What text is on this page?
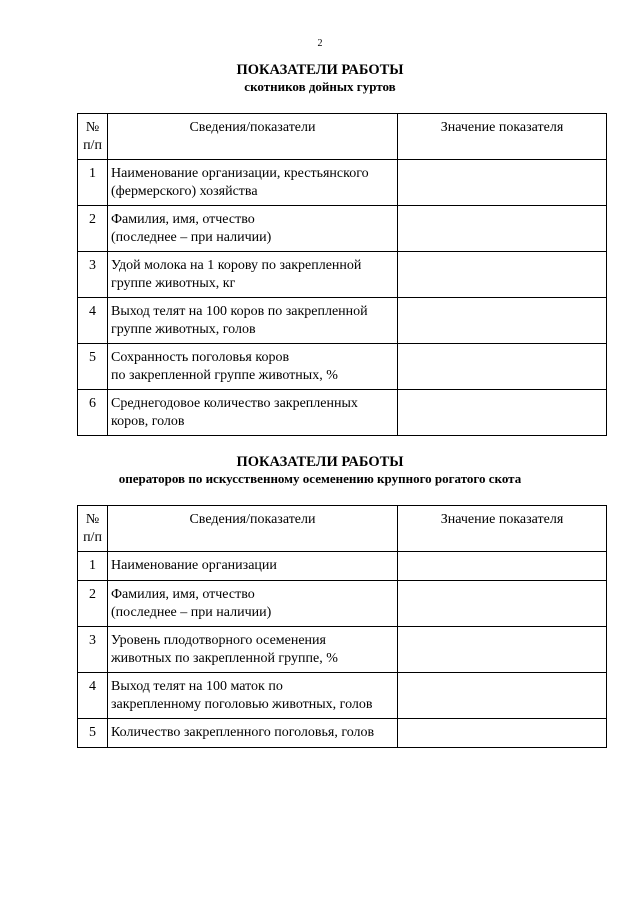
2
ПОКАЗАТЕЛИ РАБОТЫ
скотников дойных гуртов
№
п/п	Сведения/показатели	Значение показателя
1	Наименование организации, крестьянского
(фермерского) хозяйства	
2	Фамилия, имя, отчество
(последнее – при наличии)	
3	Удой молока на 1 корову по закрепленной
группе животных, кг	
4	Выход телят на 100 коров по закрепленной
группе животных, голов	
5	Сохранность поголовья коров
по закрепленной группе животных, %	
6	Среднегодовое количество закрепленных
коров, голов	
ПОКАЗАТЕЛИ РАБОТЫ
операторов по искусственному осеменению крупного рогатого скота
№
п/п	Сведения/показатели	Значение показателя
1	Наименование организации	
2	Фамилия, имя, отчество
(последнее – при наличии)	
3	Уровень плодотворного осеменения
животных по закрепленной группе, %	
4	Выход телят на 100 маток по
закрепленному поголовью животных, голов	
5	Количество закрепленного поголовья, голов	
